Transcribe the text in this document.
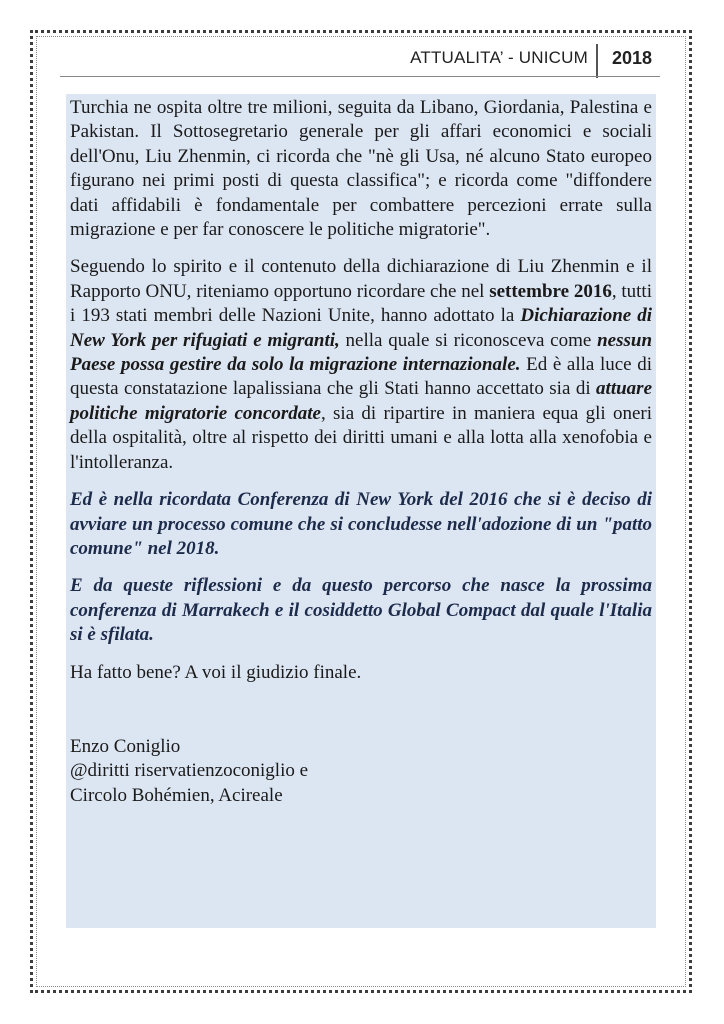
ATTUALITA’ - UNICUM 2018

Turchia ne ospita oltre tre milioni, seguita da Libano, Giordania, Palestina e Pakistan. Il Sottosegretario generale per gli affari economici e sociali dell'Onu, Liu Zhenmin, ci ricorda che "nè gli Usa, né alcuno Stato europeo figurano nei primi posti di questa classifica"; e ricorda come "diffondere dati affidabili è fondamentale per combattere percezioni errate sulla migrazione e per far conoscere le politiche migratorie".

Seguendo lo spirito e il contenuto della dichiarazione di Liu Zhenmin e il Rapporto ONU, riteniamo opportuno ricordare che nel settembre 2016, tutti i 193 stati membri delle Nazioni Unite, hanno adottato la Dichiarazione di New York per rifugiati e migranti, nella quale si riconosceva come nessun Paese possa gestire da solo la migrazione internazionale. Ed è alla luce di questa constatazione lapalissiana che gli Stati hanno accettato sia di attuare politiche migratorie concordate, sia di ripartire in maniera equa gli oneri della ospitalità, oltre al rispetto dei diritti umani e alla lotta alla xenofobia e l'intolleranza.

Ed è nella ricordata Conferenza di New York del 2016 che si è deciso di avviare un processo comune che si concludesse nell'adozione di un "patto comune" nel 2018.

E da queste riflessioni e da questo percorso che nasce la prossima conferenza di Marrakech e il cosiddetto Global Compact dal quale l'Italia si è sfilata.

Ha fatto bene? A voi il giudizio finale.

Enzo Coniglio
@diritti riservatienzoconiglio e
Circolo Bohémien, Acireale
